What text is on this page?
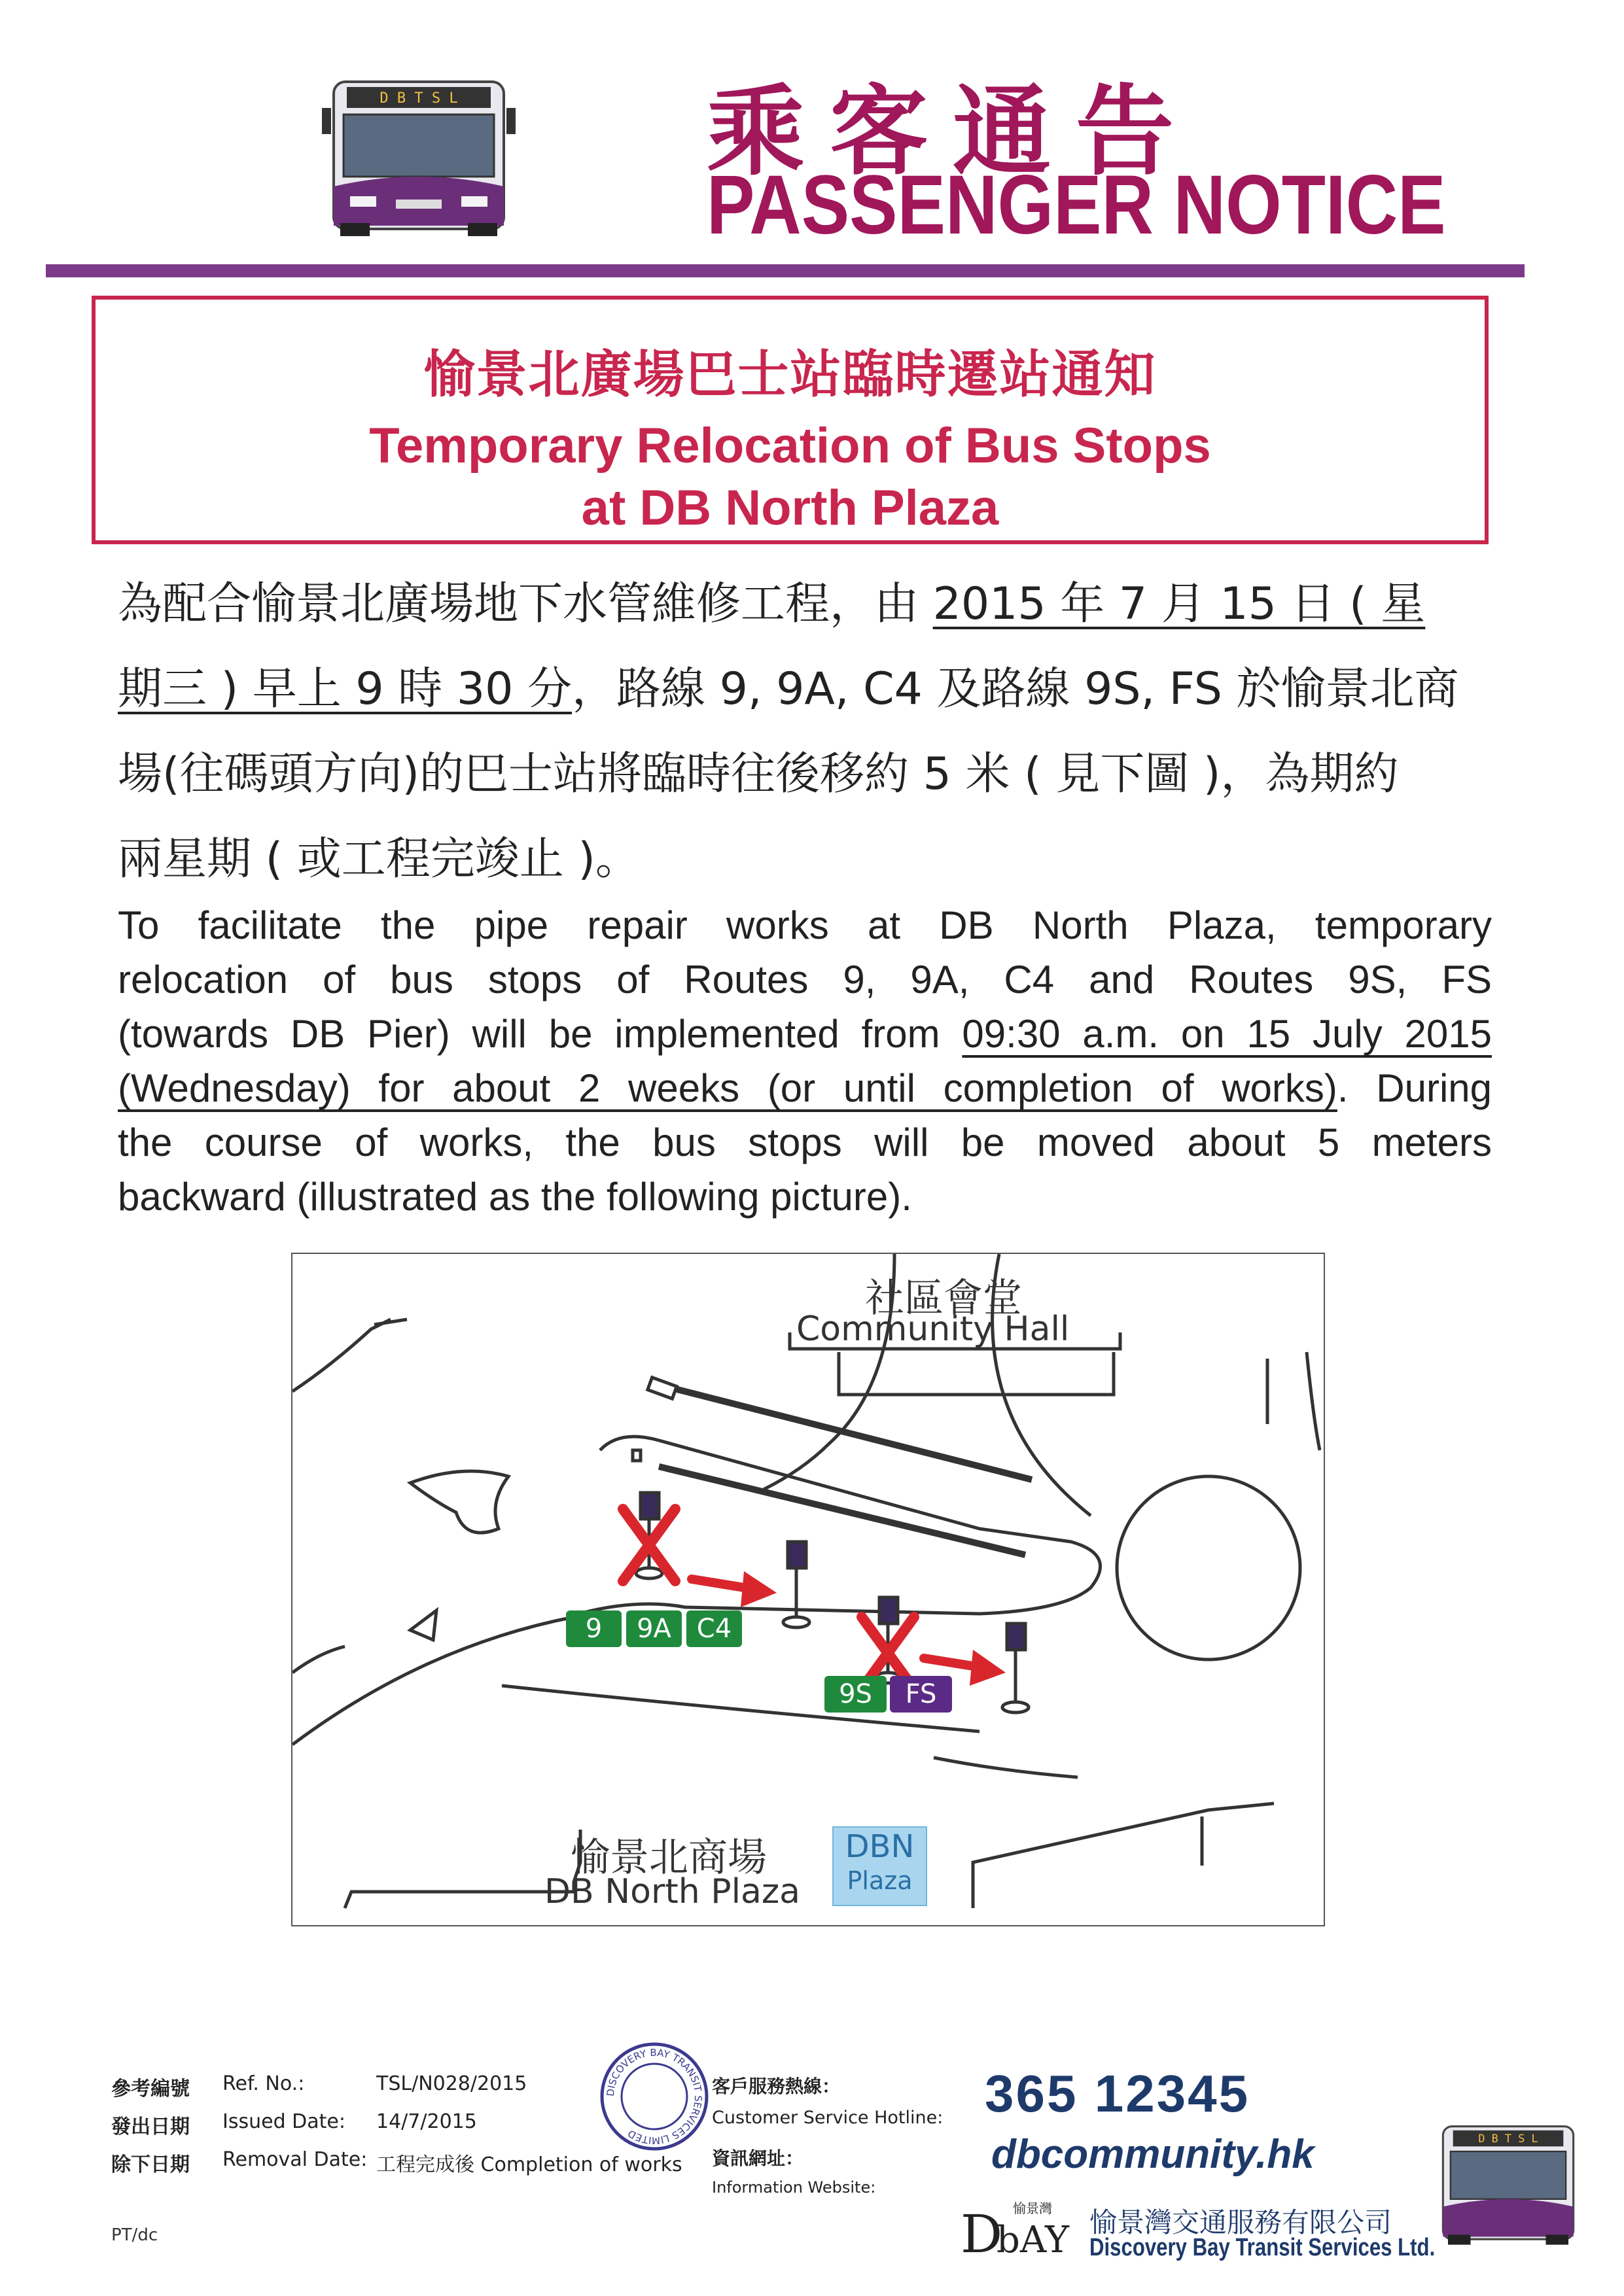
D B T S L	乘客通告
PASSENGER NOTICE
愉景北廣場巴士站臨時遷站通知
Temporary Relocation of Bus Stops
at DB North Plaza
為配合愉景北廣場地下水管維修工程，由 2015 年 7 月 15 日 ( 星
期三 ) 早上 9 時 30 分，路線 9, 9A, C4 及路線 9S, FS 於愉景北商
場(往碼頭方向)的巴士站將臨時往後移約 5 米 ( 見下圖 )，為期約
兩星期 ( 或工程完竣止 )。
To facilitate the pipe repair works at DB North Plaza, temporary
relocation of bus stops of Routes 9, 9A, C4 and Routes 9S, FS
(towards DB Pier) will be implemented from 09:30 a.m. on 15 July 2015
(Wednesday) for about 2 weeks (or until completion of works). During
the course of works, the bus stops will be moved about 5 meters
backward (illustrated as the following picture).
社區會堂
Community Hall
9	9A C4
9S	FS
愉景北商場
DB North Plaza
DBN
Plaza
參考編號 Ref. No.:	TSL/N028/2015
發出日期 Issued Date: 14/7/2015
除下日期 Removal Date: 工程完成後 Completion of works
DISCOVERY BAY TRANSIT SERVICES LIMITED
客戶服務熱線：
Customer Service Hotline:
資訊網址：
Information Website:
365 12345
dbcommunity.hk
D
bAY
愉景灣 愉景灣交通服務有限公司
Discovery Bay Transit Services Ltd.
D B T S L
PT/dc
